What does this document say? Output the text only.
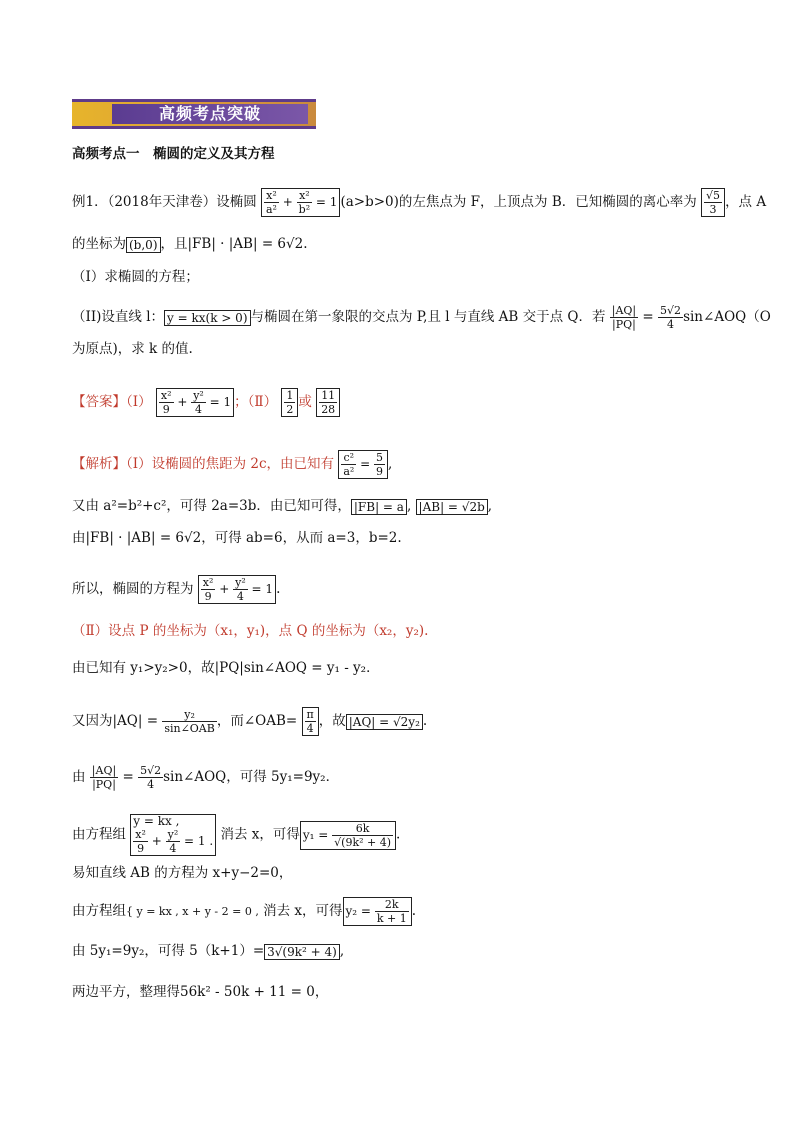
高频考点突破
高频考点一　椭圆的定义及其方程
例1．（2018年天津卷）设椭圆 $\frac{\text{x²}}{\text{a²}} + \frac{\text{x²}}{\text{b²}} = 1(a>b>0)$的左焦点为 F，上顶点为 B．已知椭圆的离心率为 $\frac{√5}{3}$ ，点 A
的坐标为 (b,0) ，且|FB| · |AB| = 6√2.
（I）求椭圆的方程；
（II)设直线 l： y = kx(k > 0) 与椭圆在第一象限的交点为 P,且 l 与直线 AB 交于点 Q．若 $\frac{|AQ|}{|PQ|} = \frac{5√2}{4}$ sin∠AOQ（O
为原点)，求 k 的值.
【答案】（Ⅰ） $\frac{\text{x²}}{9} + \frac{\text{y²}}{4} = 1$ ；（Ⅱ） $\frac{1}{2}$ 或 $\frac{11}{28}$
【解析】（Ⅰ）设椭圆的焦距为 2c，由已知有 $\frac{\text{c²}}{\text{a²}} = \frac{5}{9}$ ,
又由 a²=b²+c²，可得 2a=3b．由已知可得， |FB| = a , |AB| = √2b ,
由|FB| · |AB| = 6√2，可得 ab=6，从而 a=3，b=2.
所以，椭圆的方程为 $\frac{\text{x²}}{9} + \frac{\text{y²}}{4} = 1$ .
（Ⅱ）设点 P 的坐标为（x₁，y₁)，点 Q 的坐标为（x₂，y₂).
由已知有 y₁>y₂>0，故|PQ|sin∠AOQ = y₁ - y₂．
又因为$|AQ| = \frac{\text{y₂}}{\text{sin∠OAB}}$ ，而∠OAB= $\frac{\pi}{4}$ ，故 |AQ| = √2y₂ .
由 $\frac{|AQ|}{|PQ|} = \frac{5√2}{4}$ sin∠AOQ，可得 5y₁=9y₂．
由方程组 y = kx ,

$\frac{\text{x²}}{9} + \frac{\text{y²}}{4} = 1$ . 消去 x，可得 $y_1 = \frac{6k}{\text{√(9k² + 4)}}$ .
易知直线 AB 的方程为 x+y−2=0，
由方程组{ y = kx , x + y - 2 = 0 , 消去 x，可得 $y_2 = \frac{2k}{k + 1}$ .
由 5y₁=9y₂，可得 5（k+1）= 3√(9k² + 4) ,
两边平方，整理得56k² - 50k + 11 = 0，
